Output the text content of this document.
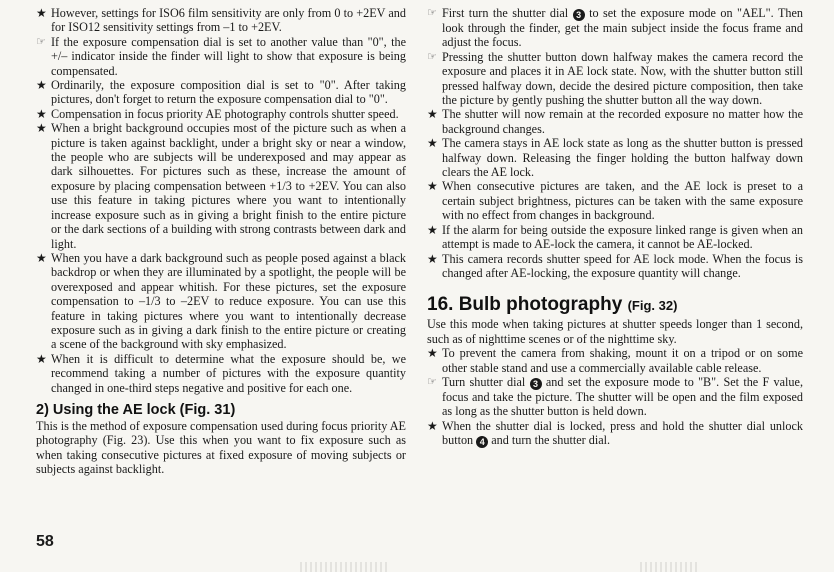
★ However, settings for ISO6 film sensitivity are only from 0 to +2EV and for ISO12 sensitivity settings from –1 to +2EV.
☞ If the exposure compensation dial is set to another value than "0", the +/– indicator inside the finder will light to show that exposure is being compensated.
★ Ordinarily, the exposure composition dial is set to "0". After taking pictures, don't forget to return the exposure compensation dial to "0".
★ Compensation in focus priority AE photography controls shutter speed.
★ When a bright background occupies most of the picture such as when a picture is taken against backlight, under a bright sky or near a window, the people who are subjects will be underexposed and may appear as dark silhouettes. For pictures such as these, increase the amount of exposure by placing compensation between +1/3 to +2EV. You can also use this feature in taking pictures where you want to intentionally increase exposure such as in giving a bright finish to the entire picture or the dark sections of a building with strong contrasts between dark and light.
★ When you have a dark background such as people posed against a black backdrop or when they are illuminated by a spotlight, the people will be overexposed and appear whitish. For these pictures, set the exposure compensation to –1/3 to –2EV to reduce exposure. You can use this feature in taking pictures where you want to intentionally decrease exposure such as in giving a dark finish to the entire picture or creating a scene of the background with sky emphasized.
★ When it is difficult to determine what the exposure should be, we recommend taking a number of pictures with the exposure quantity changed in one-third steps negative and positive for each one.
2) Using the AE lock (Fig. 31)
This is the method of exposure compensation used during focus priority AE photography (Fig. 23). Use this when you want to fix exposure such as when taking consecutive pictures at fixed exposure of moving subjects or subjects against backlight.
☞ First turn the shutter dial 3 to set the exposure mode on "AEL". Then look through the finder, get the main subject inside the focus frame and adjust the focus.
☞ Pressing the shutter button down halfway makes the camera record the exposure and places it in AE lock state. Now, with the shutter button still pressed halfway down, decide the desired picture composition, then take the picture by gently pushing the shutter button all the way down.
★ The shutter will now remain at the recorded exposure no matter how the background changes.
★ The camera stays in AE lock state as long as the shutter button is pressed halfway down. Releasing the finger holding the button halfway down clears the AE lock.
★ When consecutive pictures are taken, and the AE lock is preset to a certain subject brightness, pictures can be taken with the same exposure with no effect from changes in background.
★ If the alarm for being outside the exposure linked range is given when an attempt is made to AE-lock the camera, it cannot be AE-locked.
★ This camera records shutter speed for AE lock mode. When the focus is changed after AE-locking, the exposure quantity will change.
16. Bulb photography (Fig. 32)
Use this mode when taking pictures at shutter speeds longer than 1 second, such as of nighttime scenes or of the nighttime sky.
★ To prevent the camera from shaking, mount it on a tripod or on some other stable stand and use a commercially available cable release.
☞ Turn shutter dial 3 and set the exposure mode to "B". Set the F value, focus and take the picture. The shutter will be open and the film exposed as long as the shutter button is held down.
★ When the shutter dial is locked, press and hold the shutter dial unlock button 4 and turn the shutter dial.
58
